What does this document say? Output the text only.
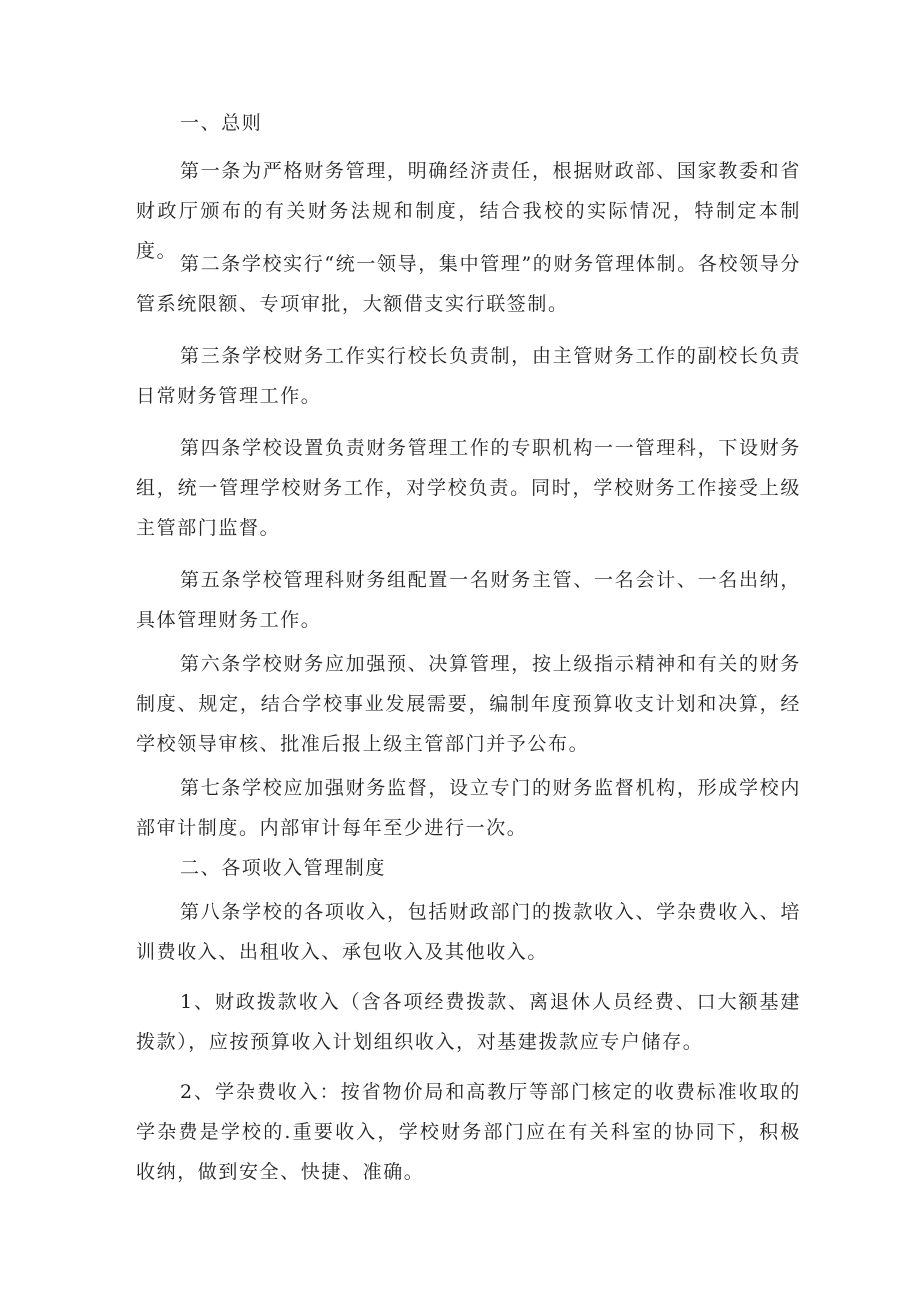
一、总则

第一条为严格财务管理，明确经济责任，根据财政部、国家教委和省财政厅颁布的有关财务法规和制度，结合我校的实际情况，特制定本制度。

第二条学校实行“统一领导，集中管理”的财务管理体制。各校领导分管系统限额、专项审批，大额借支实行联签制。

第三条学校财务工作实行校长负责制，由主管财务工作的副校长负责日常财务管理工作。

第四条学校设置负责财务管理工作的专职机构一一管理科，下设财务组，统一管理学校财务工作，对学校负责。同时，学校财务工作接受上级主管部门监督。

第五条学校管理科财务组配置一名财务主管、一名会计、一名出纳，具体管理财务工作。

第六条学校财务应加强预、决算管理，按上级指示精神和有关的财务制度、规定，结合学校事业发展需要，编制年度预算收支计划和决算，经学校领导审核、批准后报上级主管部门并予公布。

第七条学校应加强财务监督，设立专门的财务监督机构，形成学校内部审计制度。内部审计每年至少进行一次。

二、各项收入管理制度

第八条学校的各项收入，包括财政部门的拨款收入、学杂费收入、培训费收入、出租收入、承包收入及其他收入。

1、财政拨款收入（含各项经费拨款、离退休人员经费、口大额基建拨款），应按预算收入计划组织收入，对基建拨款应专户储存。

2、学杂费收入：按省物价局和高教厅等部门核定的收费标准收取的学杂费是学校的.重要收入，学校财务部门应在有关科室的协同下，积极收纳，做到安全、快捷、准确。
